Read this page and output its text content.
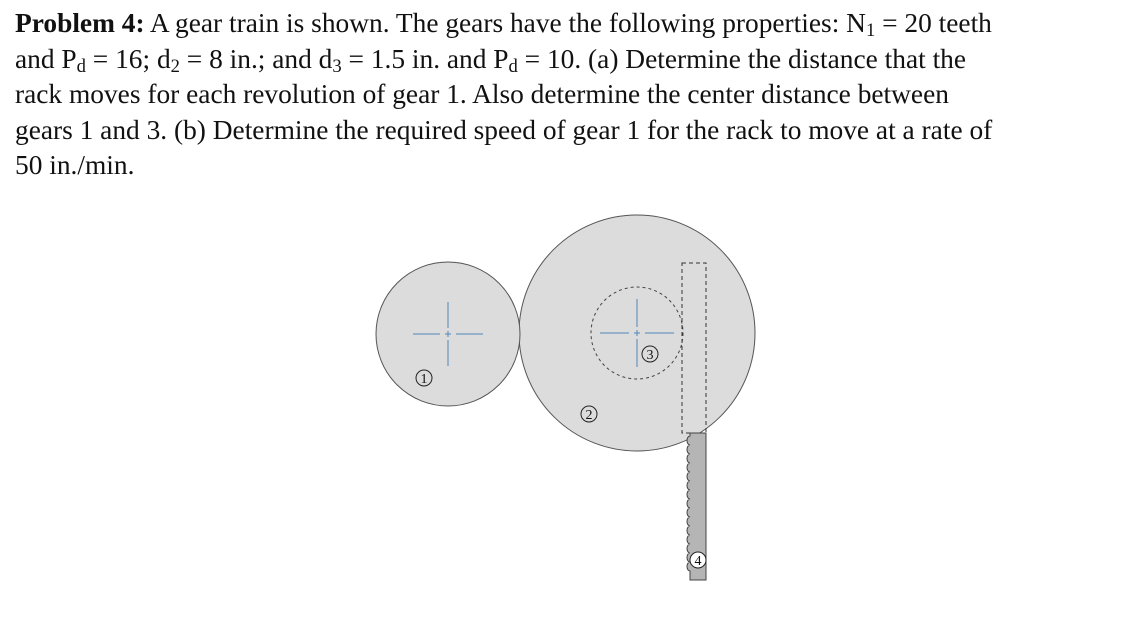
Problem 4: A gear train is shown. The gears have the following properties: $N_1 = 20$ teeth
and $P_d = 16$; $d_2 = 8$ in.; and $d_3 = 1.5$ in. and $P_d = 10$. (a) Determine the distance that the
rack moves for each revolution of gear 1. Also determine the center distance between
gears 1 and 3. (b) Determine the required speed of gear 1 for the rack to move at a rate of
50 in./min.
1
2
3
4
